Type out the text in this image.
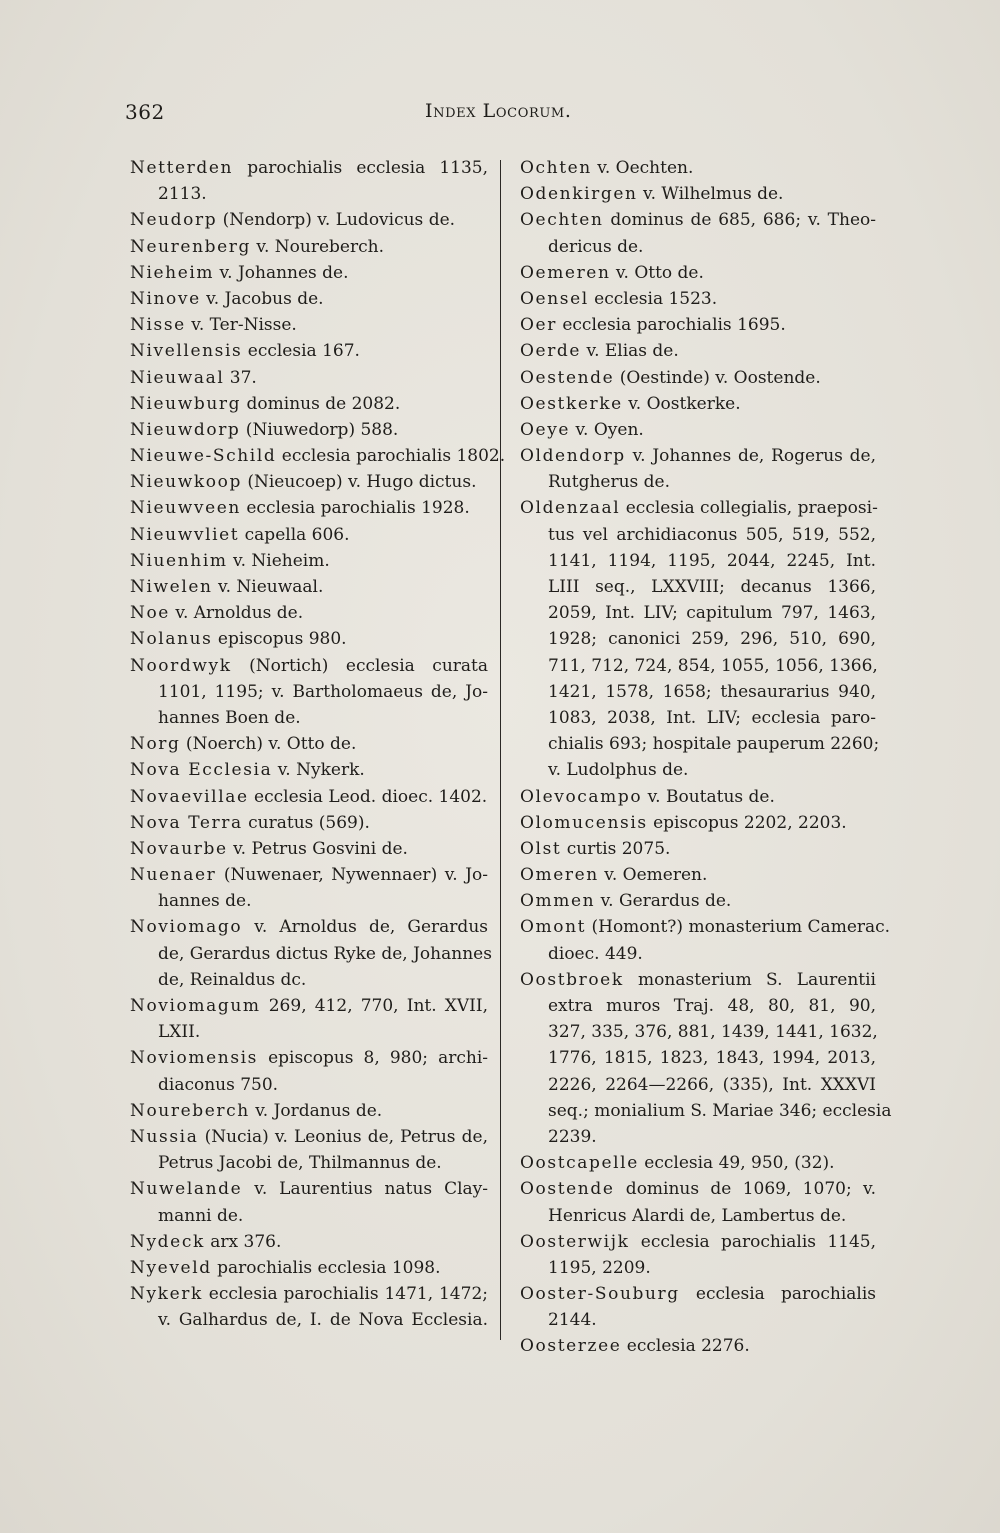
362	Index Locorum.
Netterden parochialis ecclesia 1135,
2113.
Neudorp (Nendorp) v. Ludovicus de.
Neurenberg v. Noureberch.
Nieheim v. Johannes de.
Ninove v. Jacobus de.
Nisse v. Ter-Nisse.
Nivellensis ecclesia 167.
Nieuwaal 37.
Nieuwburg dominus de 2082.
Nieuwdorp (Niuwedorp) 588.
Nieuwe-Schild ecclesia parochialis 1802.
Nieuwkoop (Nieucoep) v. Hugo dictus.
Nieuwveen ecclesia parochialis 1928.
Nieuwvliet capella 606.
Niuenhim v. Nieheim.
Niwelen v. Nieuwaal.
Noe v. Arnoldus de.
Nolanus episcopus 980.
Noordwyk (Nortich) ecclesia curata
1101, 1195; v. Bartholomaeus de, Jo-
hannes Boen de.
Norg (Noerch) v. Otto de.
Nova Ecclesia v. Nykerk.
Novaevillae ecclesia Leod. dioec. 1402.
Nova Terra curatus (569).
Novaurbe v. Petrus Gosvini de.
Nuenaer (Nuwenaer, Nywennaer) v. Jo-
hannes de.
Noviomago v. Arnoldus de, Gerardus
de, Gerardus dictus Ryke de, Johannes
de, Reinaldus dc.
Noviomagum 269, 412, 770, Int. XVII,
LXII.
Noviomensis episcopus 8, 980; archi-
diaconus 750.
Noureberch v. Jordanus de.
Nussia (Nucia) v. Leonius de, Petrus de,
Petrus Jacobi de, Thilmannus de.
Nuwelande v. Laurentius natus Clay-
manni de.
Nydeck arx 376.
Nyeveld parochialis ecclesia 1098.
Nykerk ecclesia parochialis 1471, 1472;
v. Galhardus de, I. de Nova Ecclesia.
Ochten v. Oechten.
Odenkirgen v. Wilhelmus de.
Oechten dominus de 685, 686; v. Theo-
dericus de.
Oemeren v. Otto de.
Oensel ecclesia 1523.
Oer ecclesia parochialis 1695.
Oerde v. Elias de.
Oestende (Oestinde) v. Oostende.
Oestkerke v. Oostkerke.
Oeye v. Oyen.
Oldendorp v. Johannes de, Rogerus de,
Rutgherus de.
Oldenzaal ecclesia collegialis, praeposi-
tus vel archidiaconus 505, 519, 552,
1141, 1194, 1195, 2044, 2245, Int.
LIII seq., LXXVIII; decanus 1366,
2059, Int. LIV; capitulum 797, 1463,
1928; canonici 259, 296, 510, 690,
711, 712, 724, 854, 1055, 1056, 1366,
1421, 1578, 1658; thesaurarius 940,
1083, 2038, Int. LIV; ecclesia paro-
chialis 693; hospitale pauperum 2260;
v. Ludolphus de.
Olevocampo v. Boutatus de.
Olomucensis episcopus 2202, 2203.
Olst curtis 2075.
Omeren v. Oemeren.
Ommen v. Gerardus de.
Omont (Homont?) monasterium Camerac.
dioec. 449.
Oostbroek monasterium S. Laurentii
extra muros Traj. 48, 80, 81, 90,
327, 335, 376, 881, 1439, 1441, 1632,
1776, 1815, 1823, 1843, 1994, 2013,
2226, 2264—2266, (335), Int. XXXVI
seq.; monialium S. Mariae 346; ecclesia
2239.
Oostcapelle ecclesia 49, 950, (32).
Oostende dominus de 1069, 1070; v.
Henricus Alardi de, Lambertus de.
Oosterwijk ecclesia parochialis 1145,
1195, 2209.
Ooster-Souburg ecclesia parochialis
2144.
Oosterzee ecclesia 2276.
